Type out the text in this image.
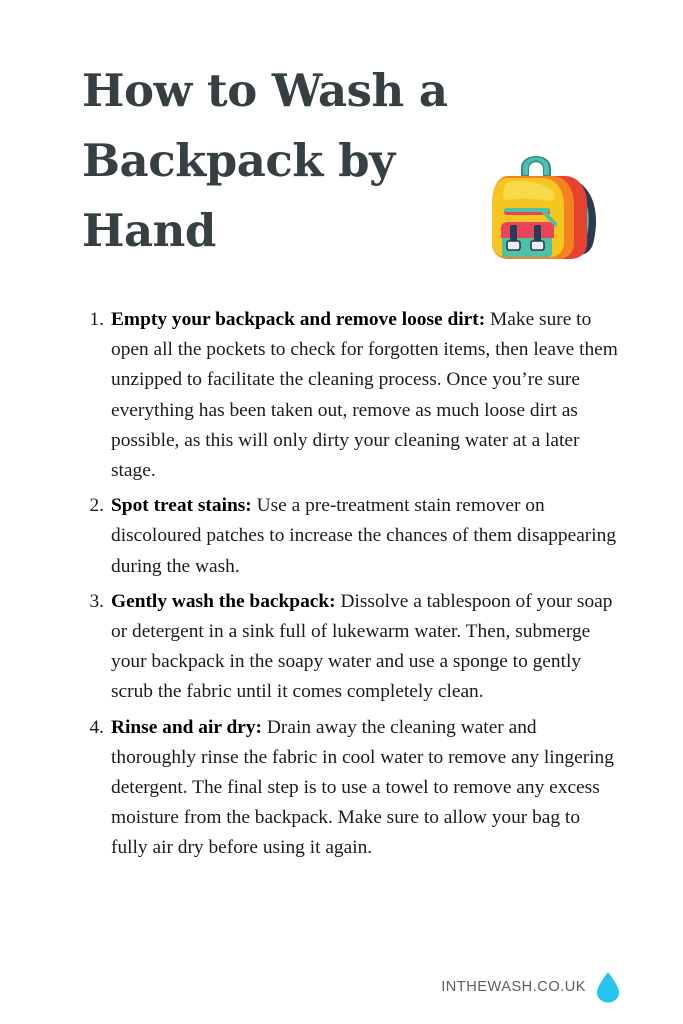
How to Wash a
Backpack by
Hand
1. Empty your backpack and remove loose dirt: Make sure to open all the pockets to check for forgotten items, then leave them unzipped to facilitate the cleaning process. Once you’re sure everything has been taken out, remove as much loose dirt as possible, as this will only dirty your cleaning water at a later stage.
2. Spot treat stains: Use a pre-treatment stain remover on discoloured patches to increase the chances of them disappearing during the wash.
3. Gently wash the backpack: Dissolve a tablespoon of your soap or detergent in a sink full of lukewarm water. Then, submerge your backpack in the soapy water and use a sponge to gently scrub the fabric until it comes completely clean.
4. Rinse and air dry: Drain away the cleaning water and thoroughly rinse the fabric in cool water to remove any lingering detergent. The final step is to use a towel to remove any excess moisture from the backpack. Make sure to allow your bag to fully air dry before using it again.
INTHEWASH.CO.UK
